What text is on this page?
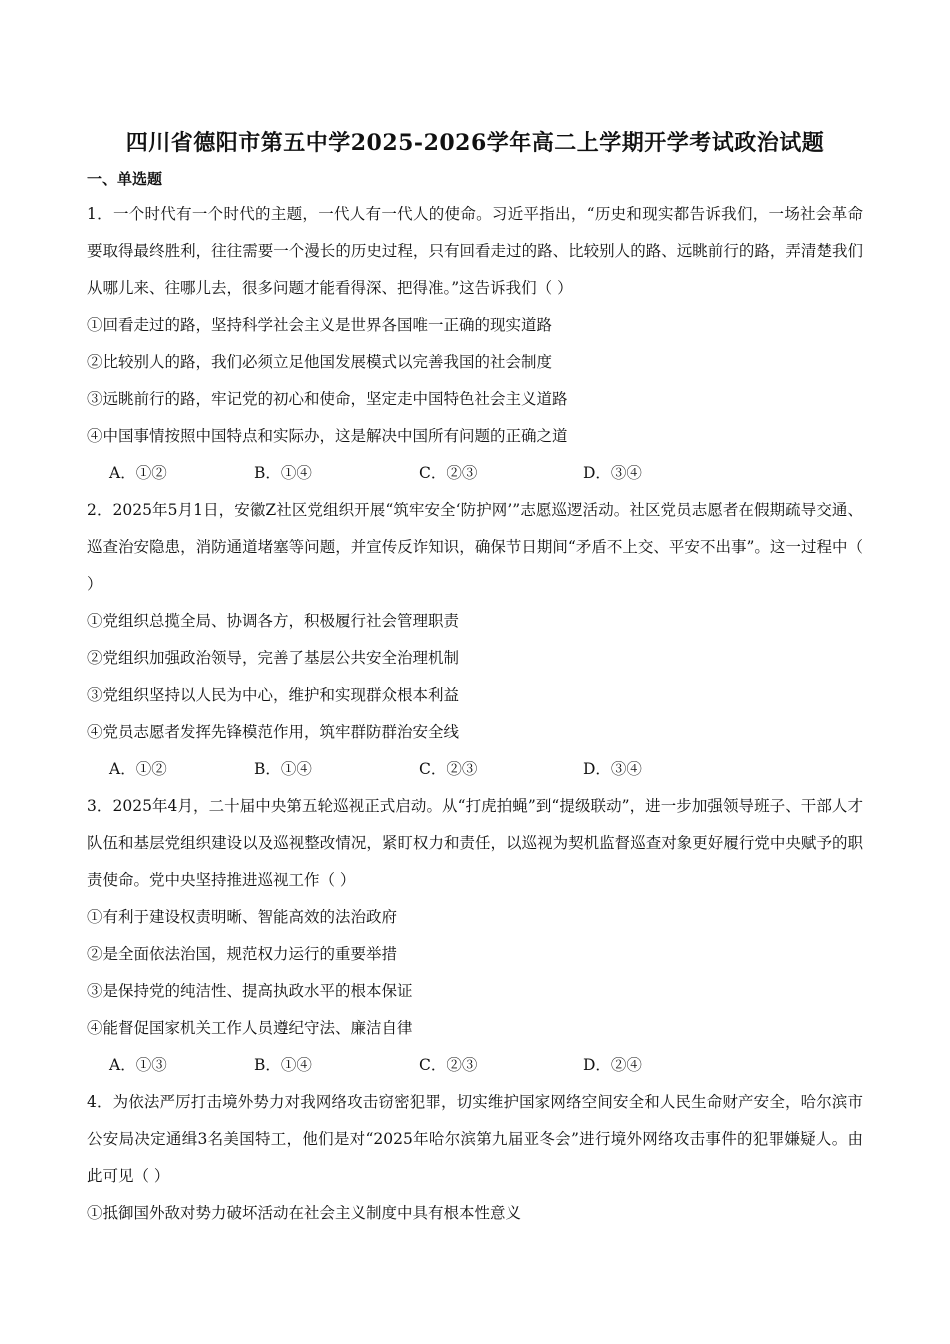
四川省德阳市第五中学2025-2026学年高二上学期开学考试政治试题
一、单选题
1．一个时代有一个时代的主题，一代人有一代人的使命。习近平指出，“历史和现实都告诉我们，一场社会革命要取得最终胜利，往往需要一个漫长的历史过程，只有回看走过的路、比较别人的路、远眺前行的路，弄清楚我们从哪儿来、往哪儿去，很多问题才能看得深、把得准。”这告诉我们（ ）
①回看走过的路，坚持科学社会主义是世界各国唯一正确的现实道路
②比较别人的路，我们必须立足他国发展模式以完善我国的社会制度
③远眺前行的路，牢记党的初心和使命，坚定走中国特色社会主义道路
④中国事情按照中国特点和实际办，这是解决中国所有问题的正确之道
A．①②	B．①④	C．②③	D．③④
2．2025年5月1日，安徽Z社区党组织开展“筑牢安全‘防护网’”志愿巡逻活动。社区党员志愿者在假期疏导交通、巡查治安隐患，消防通道堵塞等问题，并宣传反诈知识，确保节日期间“矛盾不上交、平安不出事”。这一过程中（ ）
①党组织总揽全局、协调各方，积极履行社会管理职责
②党组织加强政治领导，完善了基层公共安全治理机制
③党组织坚持以人民为中心，维护和实现群众根本利益
④党员志愿者发挥先锋模范作用，筑牢群防群治安全线
A．①②	B．①④	C．②③	D．③④
3．2025年4月，二十届中央第五轮巡视正式启动。从“打虎拍蝇”到“提级联动”，进一步加强领导班子、干部人才队伍和基层党组织建设以及巡视整改情况，紧盯权力和责任，以巡视为契机监督巡查对象更好履行党中央赋予的职责使命。党中央坚持推进巡视工作（ ）
①有利于建设权责明晰、智能高效的法治政府
②是全面依法治国，规范权力运行的重要举措
③是保持党的纯洁性、提高执政水平的根本保证
④能督促国家机关工作人员遵纪守法、廉洁自律
A．①③	B．①④	C．②③	D．②④
4．为依法严厉打击境外势力对我网络攻击窃密犯罪，切实维护国家网络空间安全和人民生命财产安全，哈尔滨市公安局决定通缉3名美国特工，他们是对“2025年哈尔滨第九届亚冬会”进行境外网络攻击事件的犯罪嫌疑人。由此可见（ ）
①抵御国外敌对势力破坏活动在社会主义制度中具有根本性意义
